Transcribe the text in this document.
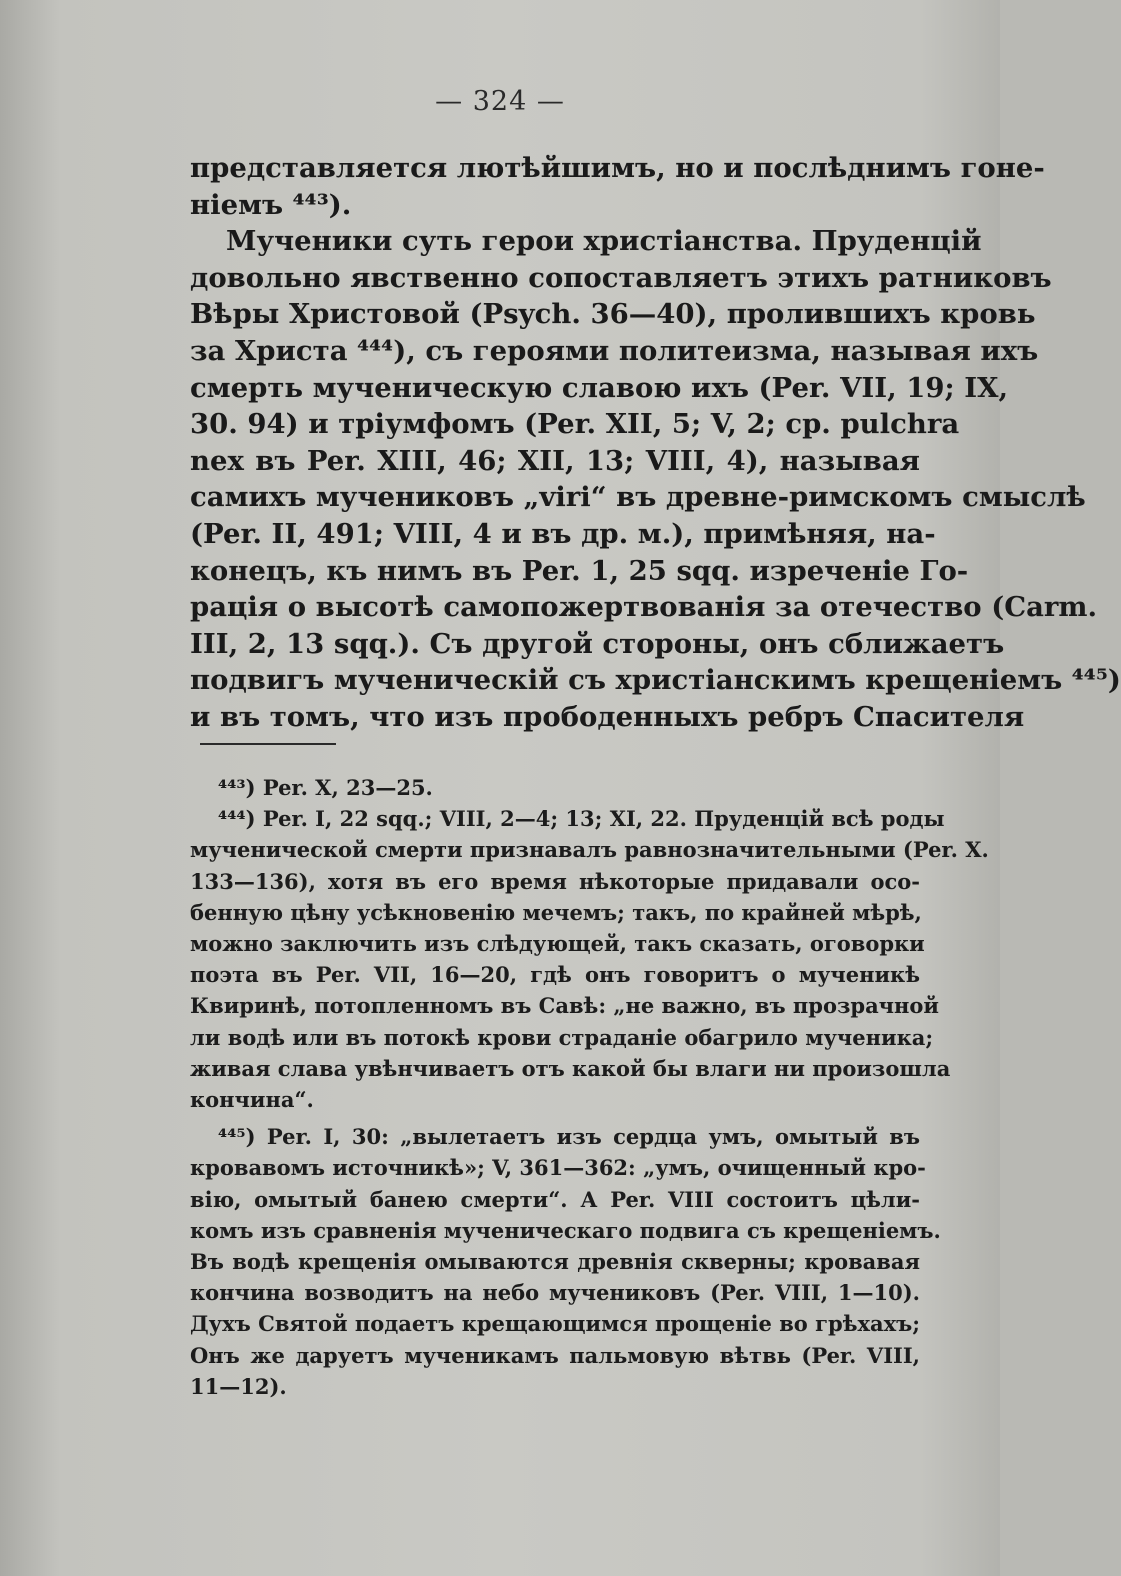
— 324 —
представляется лютѣйшимъ, но и послѣднимъ гоне-
ніемъ ⁴⁴³).
Мученики суть герои христіанства. Пруденцій
довольно явственно сопоставляетъ этихъ ратниковъ
Вѣры Христовой (Psych. 36—40), пролившихъ кровь
за Христа ⁴⁴⁴), съ героями политеизма, называя ихъ
смерть мученическую славою ихъ (Per. VII, 19; IX,
30. 94) и тріумфомъ (Per. XII, 5; V, 2; ср. pulchra
nex въ Per. XIII, 46; XII, 13; VIII, 4), называя
самихъ мучениковъ „viri“ въ древне-римскомъ смыслѣ
(Per. II, 491; VIII, 4 и въ др. м.), примѣняя, на-
конецъ, къ нимъ въ Per. 1, 25 sqq. изреченіе Го-
рація о высотѣ самопожертвованія за отечество (Carm.
III, 2, 13 sqq.). Съ другой стороны, онъ сближаетъ
подвигъ мученическій съ христіанскимъ крещеніемъ ⁴⁴⁵)
и въ томъ, что изъ прободенныхъ ребръ Спасителя
⁴⁴³) Per. X, 23—25.
⁴⁴⁴) Per. I, 22 sqq.; VIII, 2—4; 13; XI, 22. Пруденцій всѣ роды
мученической смерти признавалъ равнозначительными (Per. X.
133—136), хотя въ его время нѣкоторые придавали осо-
бенную цѣну усѣкновенію мечемъ; такъ, по крайней мѣрѣ,
можно заключить изъ слѣдующей, такъ сказать, оговорки
поэта въ Per. VII, 16—20, гдѣ онъ говоритъ о мученикѣ
Квиринѣ, потопленномъ въ Савѣ: „не важно, въ прозрачной
ли водѣ или въ потокѣ крови страданіе обагрило мученика;
живая слава увѣнчиваетъ отъ какой бы влаги ни произошла
кончина“.
⁴⁴⁵) Per. I, 30: „вылетаетъ изъ сердца умъ, омытый въ
кровавомъ источникѣ»; V, 361—362: „умъ, очищенный кро-
вію, омытый банею смерти“. А Per. VIII состоитъ цѣли-
комъ изъ сравненія мученическаго подвига съ крещеніемъ.
Въ водѣ крещенія омываются древнія скверны; кровавая
кончина возводитъ на небо мучениковъ (Per. VIII, 1—10).
Духъ Святой подаетъ крещающимся прощеніе во грѣхахъ;
Онъ же даруетъ мученикамъ пальмовую вѣтвь (Per. VIII,
11—12).
